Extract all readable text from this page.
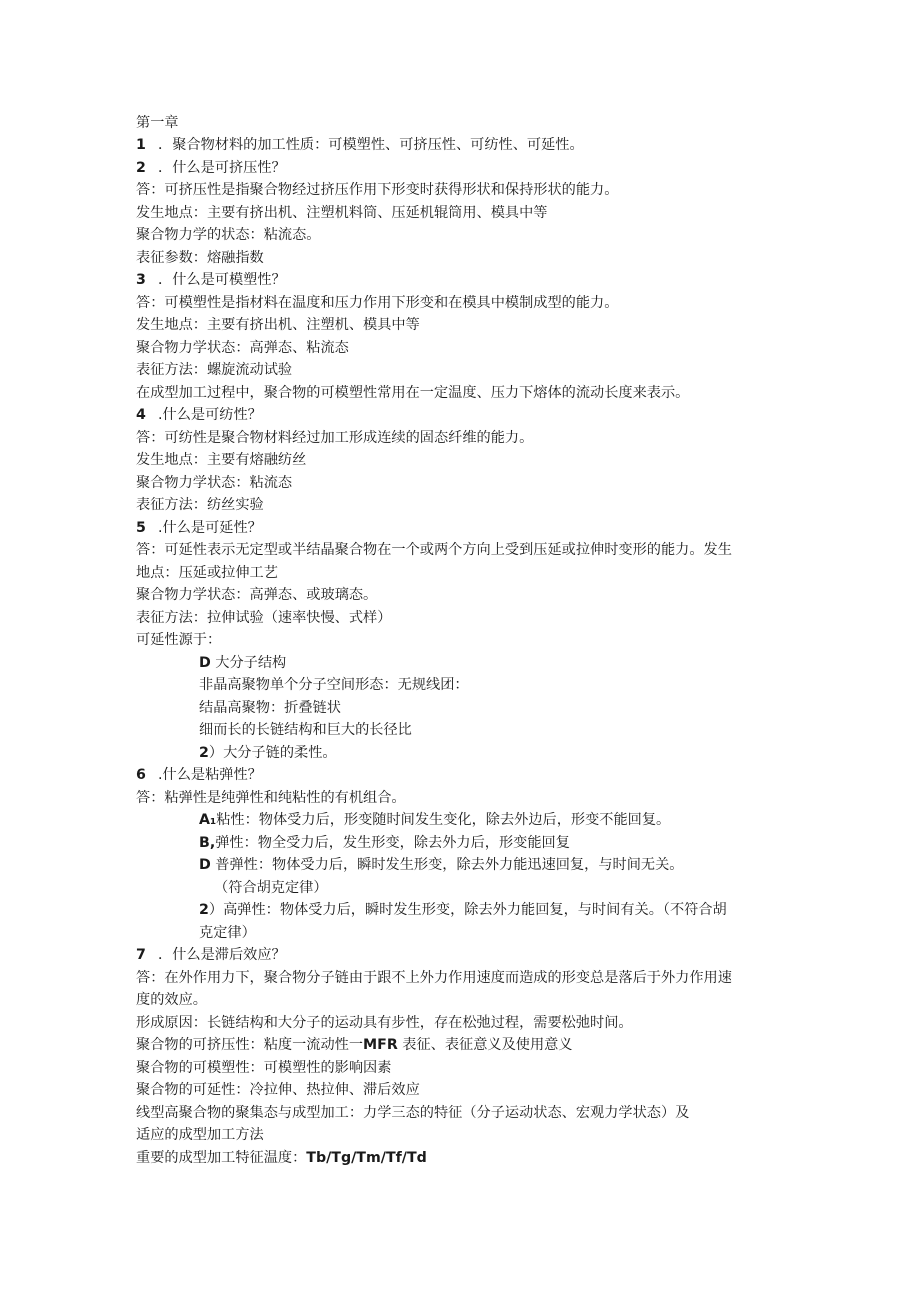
第一章
1 ．聚合物材料的加工性质：可模塑性、可挤压性、可纺性、可延性。
2 ．什么是可挤压性？
答：可挤压性是指聚合物经过挤压作用下形变时获得形状和保持形状的能力。
发生地点：主要有挤出机、注塑机料筒、压延机辊筒用、模具中等
聚合物力学的状态：粘流态。
表征参数：熔融指数
3 ．什么是可模塑性？
答：可模塑性是指材料在温度和压力作用下形变和在模具中模制成型的能力。
发生地点：主要有挤出机、注塑机、模具中等
聚合物力学状态：高弹态、粘流态
表征方法：螺旋流动试验
在成型加工过程中，聚合物的可模塑性常用在一定温度、压力下熔体的流动长度来表示。
4 .什么是可纺性？
答：可纺性是聚合物材料经过加工形成连续的固态纤维的能力。
发生地点：主要有熔融纺丝
聚合物力学状态：粘流态
表征方法：纺丝实验
5 .什么是可延性？
答：可延性表示无定型或半结晶聚合物在一个或两个方向上受到压延或拉伸时变形的能力。发生
地点：压延或拉伸工艺
聚合物力学状态：高弹态、或玻璃态。
表征方法：拉伸试验（速率快慢、式样）
可延性源于：
D 大分子结构
非晶高聚物单个分子空间形态：无规线团：
结晶高聚物：折叠链状
细而长的长链结构和巨大的长径比
2）大分子链的柔性。
6 .什么是粘弹性？
答：粘弹性是纯弹性和纯粘性的有机组合。
A₁粘性：物体受力后，形变随时间发生变化，除去外边后，形变不能回复。
B,弹性：物全受力后，发生形变，除去外力后，形变能回复
D 普弹性：物体受力后，瞬时发生形变，除去外力能迅速回复，与时间无关。
（符合胡克定律）
2）高弹性：物体受力后，瞬时发生形变，除去外力能回复，与时间有关。（不符合胡
克定律）
7 ．什么是滞后效应？
答：在外作用力下，聚合物分子链由于跟不上外力作用速度而造成的形变总是落后于外力作用速
度的效应。
形成原因：长链结构和大分子的运动具有步性，存在松弛过程，需要松弛时间。
聚合物的可挤压性：粘度一流动性一MFR 表征、表征意义及使用意义
聚合物的可模塑性：可模塑性的影响因素
聚合物的可延性：冷拉伸、热拉伸、滞后效应
线型高聚合物的聚集态与成型加工：力学三态的特征（分子运动状态、宏观力学状态）及
适应的成型加工方法
重要的成型加工特征温度：Tb/Tg/Tm/Tf/Td
